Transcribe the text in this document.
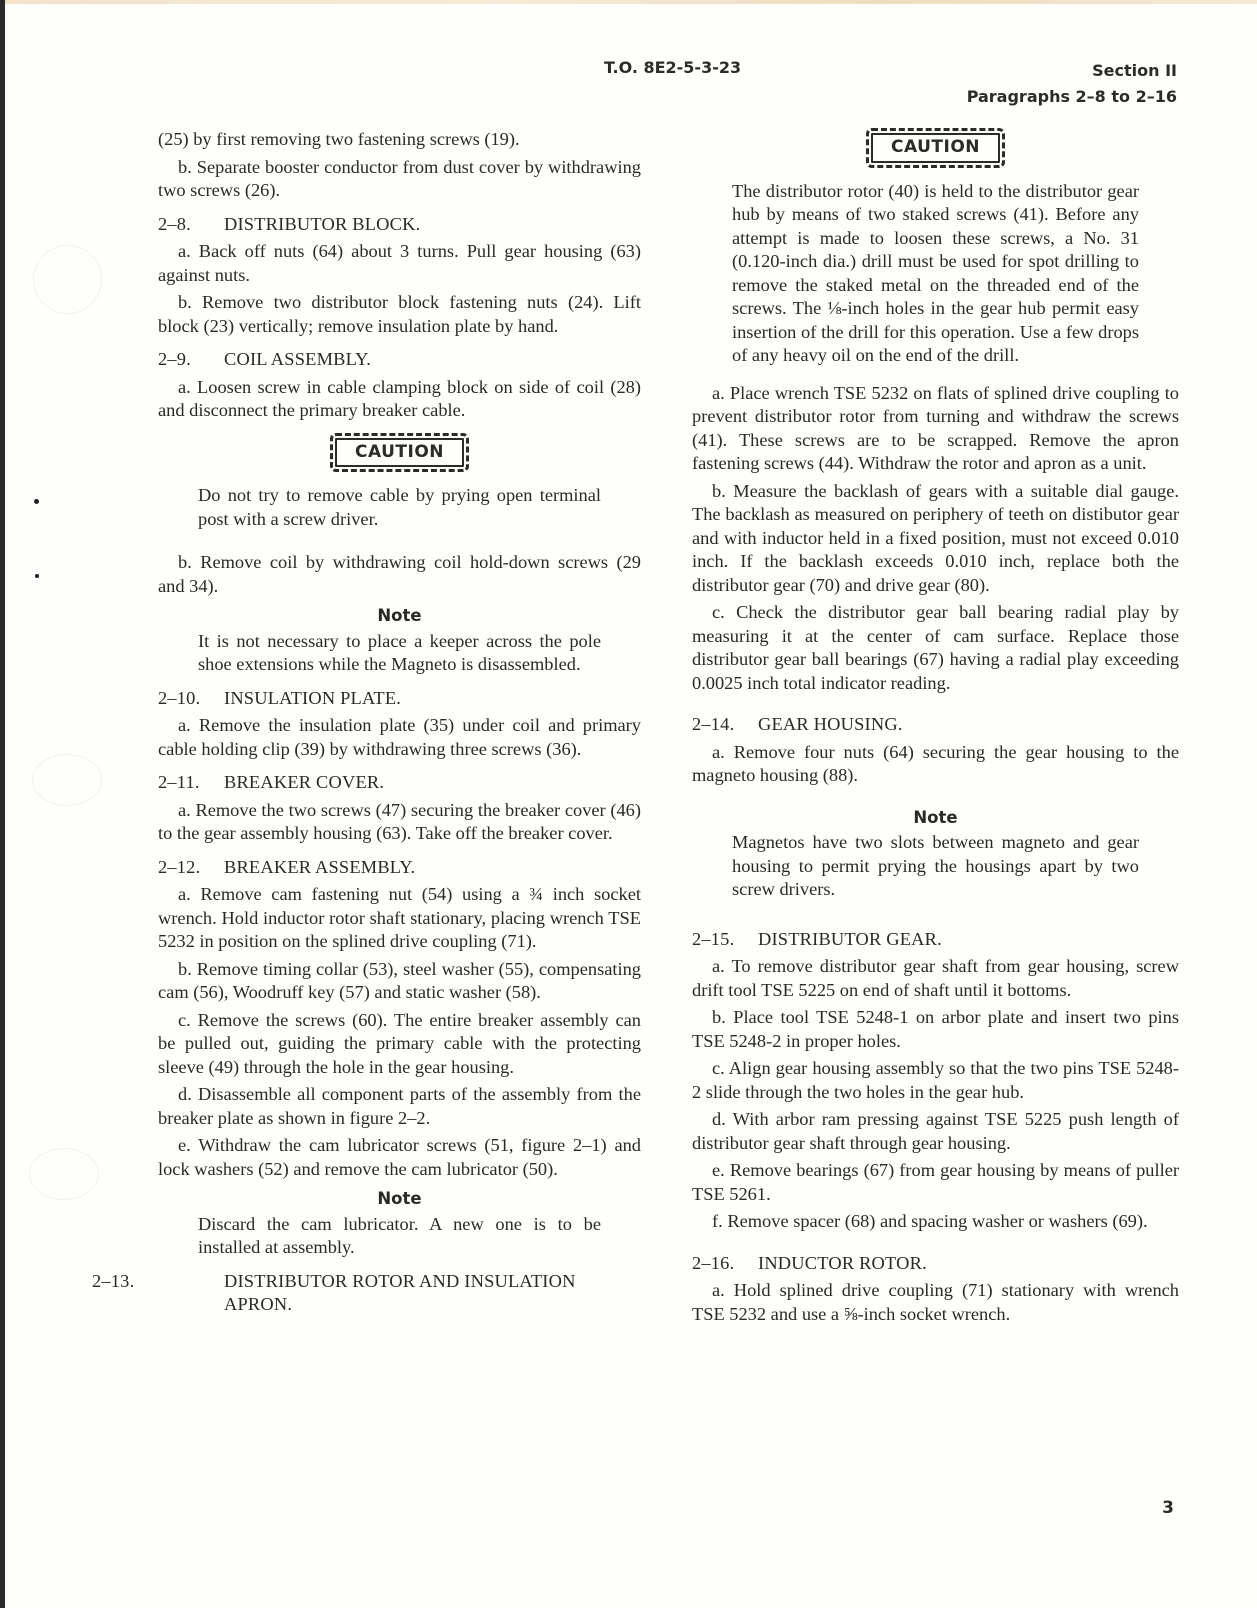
T.O. 8E2-5-3-23	Section II
Paragraphs 2–8 to 2–16

(25) by first removing two fastening screws (19).

b. Separate booster conductor from dust cover by withdrawing two screws (26).

2–8. DISTRIBUTOR BLOCK.

a. Back off nuts (64) about 3 turns. Pull gear housing (63) against nuts.

b. Remove two distributor block fastening nuts (24). Lift block (23) vertically; remove insulation plate by hand.

2–9. COIL ASSEMBLY.

a. Loosen screw in cable clamping block on side of coil (28) and disconnect the primary breaker cable.

CAUTION
Do not try to remove cable by prying open terminal post with a screw driver.

b. Remove coil by withdrawing coil hold-down screws (29 and 34).

Note
It is not necessary to place a keeper across the pole shoe extensions while the Magneto is disassembled.
2–10. INSULATION PLATE.

a. Remove the insulation plate (35) under coil and primary cable holding clip (39) by withdrawing three screws (36).

2–11. BREAKER COVER.

a. Remove the two screws (47) securing the breaker cover (46) to the gear assembly housing (63). Take off the breaker cover.

2–12. BREAKER ASSEMBLY.

a. Remove cam fastening nut (54) using a ¾ inch socket wrench. Hold inductor rotor shaft stationary, placing wrench TSE 5232 in position on the splined drive coupling (71).

b. Remove timing collar (53), steel washer (55), compensating cam (56), Woodruff key (57) and static washer (58).

c. Remove the screws (60). The entire breaker assembly can be pulled out, guiding the primary cable with the protecting sleeve (49) through the hole in the gear housing.

d. Disassemble all component parts of the assembly from the breaker plate as shown in figure 2–2.

e. Withdraw the cam lubricator screws (51, figure 2–1) and lock washers (52) and remove the cam lubricator (50).

Note
Discard the cam lubricator. A new one is to be installed at assembly.
2–13.	DISTRIBUTOR ROTOR AND INSULATION APRON.
CAUTION
The distributor rotor (40) is held to the distributor gear hub by means of two staked screws (41). Before any attempt is made to loosen these screws, a No. 31 (0.120-inch dia.) drill must be used for spot drilling to remove the staked metal on the threaded end of the screws. The ⅛-inch holes in the gear hub permit easy insertion of the drill for this operation. Use a few drops of any heavy oil on the end of the drill.

a. Place wrench TSE 5232 on flats of splined drive coupling to prevent distributor rotor from turning and withdraw the screws (41). These screws are to be scrapped. Remove the apron fastening screws (44). Withdraw the rotor and apron as a unit.

b. Measure the backlash of gears with a suitable dial gauge. The backlash as measured on periphery of teeth on distibutor gear and with inductor held in a fixed position, must not exceed 0.010 inch. If the backlash exceeds 0.010 inch, replace both the distributor gear (70) and drive gear (80).

c. Check the distributor gear ball bearing radial play by measuring it at the center of cam surface. Replace those distributor gear ball bearings (67) having a radial play exceeding 0.0025 inch total indicator reading.

2–14. GEAR HOUSING.

a. Remove four nuts (64) securing the gear housing to the magneto housing (88).

Note
Magnetos have two slots between magneto and gear housing to permit prying the housings apart by two screw drivers.
2–15. DISTRIBUTOR GEAR.

a. To remove distributor gear shaft from gear housing, screw drift tool TSE 5225 on end of shaft until it bottoms.

b. Place tool TSE 5248-1 on arbor plate and insert two pins TSE 5248-2 in proper holes.

c. Align gear housing assembly so that the two pins TSE 5248-2 slide through the two holes in the gear hub.

d. With arbor ram pressing against TSE 5225 push length of distributor gear shaft through gear housing.

e. Remove bearings (67) from gear housing by means of puller TSE 5261.

f. Remove spacer (68) and spacing washer or washers (69).

2–16. INDUCTOR ROTOR.

a. Hold splined drive coupling (71) stationary with wrench TSE 5232 and use a ⅝-inch socket wrench.

3
